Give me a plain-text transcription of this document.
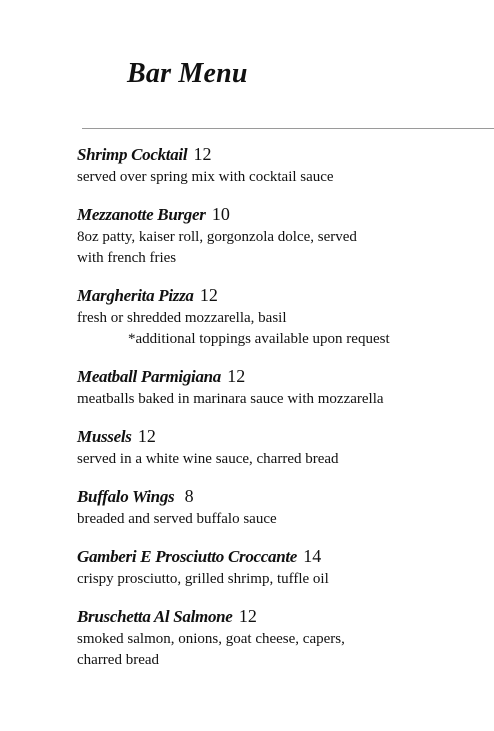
Bar Menu
Shrimp Cocktail 12
served over spring mix with cocktail sauce
Mezzanotte Burger 10
8oz patty, kaiser roll, gorgonzola dolce, served
with french fries
Margherita Pizza 12
fresh or shredded mozzarella, basil
*additional toppings available upon request
Meatball Parmigiana 12
meatballs baked in marinara sauce with mozzarella
Mussels 12
served in a white wine sauce, charred bread
Buffalo Wings 8
breaded and served buffalo sauce
Gamberi E Prosciutto Croccante 14
crispy prosciutto, grilled shrimp, tuffle oil
Bruschetta Al Salmone 12
smoked salmon, onions, goat cheese, capers,
charred bread
